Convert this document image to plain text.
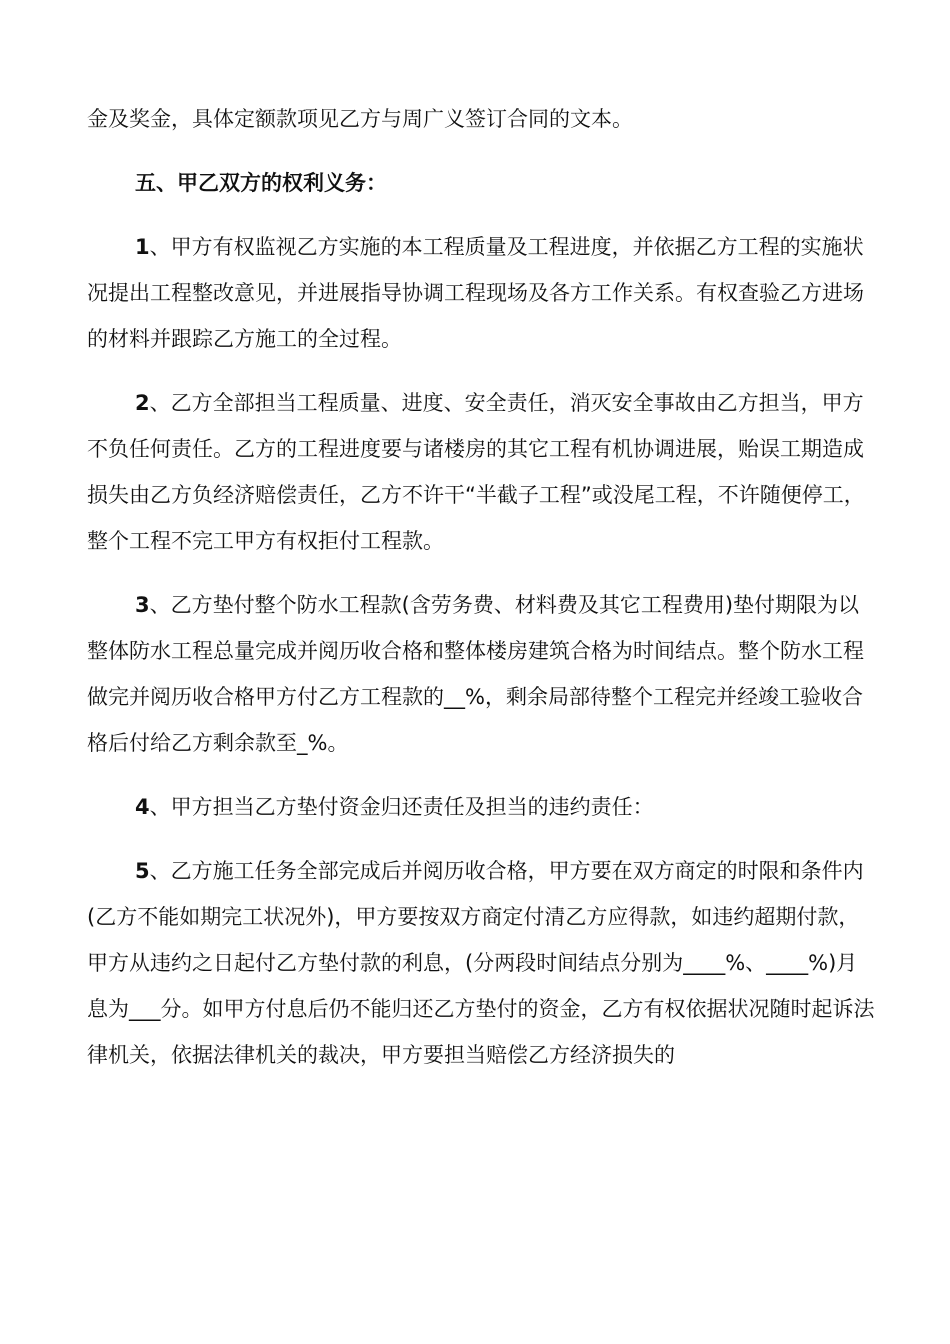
金及奖金，具体定额款项见乙方与周广义签订合同的文本。

五、甲乙双方的权利义务：

1、甲方有权监视乙方实施的本工程质量及工程进度，并依据乙方工程的实施状况提出工程整改意见，并进展指导协调工程现场及各方工作关系。有权查验乙方进场的材料并跟踪乙方施工的全过程。

2、乙方全部担当工程质量、进度、安全责任，消灭安全事故由乙方担当，甲方不负任何责任。乙方的工程进度要与诸楼房的其它工程有机协调进展，贻误工期造成损失由乙方负经济赔偿责任，乙方不许干“半截子工程”或没尾工程，不许随便停工，整个工程不完工甲方有权拒付工程款。

3、乙方垫付整个防水工程款(含劳务费、材料费及其它工程费用)垫付期限为以整体防水工程总量完成并阅历收合格和整体楼房建筑合格为时间结点。整个防水工程做完并阅历收合格甲方付乙方工程款的__%，剩余局部待整个工程完并经竣工验收合格后付给乙方剩余款至_%。

4、甲方担当乙方垫付资金归还责任及担当的违约责任：

5、乙方施工任务全部完成后并阅历收合格，甲方要在双方商定的时限和条件内(乙方不能如期完工状况外)，甲方要按双方商定付清乙方应得款，如违约超期付款，甲方从违约之日起付乙方垫付款的利息，(分两段时间结点分别为____%、____%)月息为___分。如甲方付息后仍不能归还乙方垫付的资金，乙方有权依据状况随时起诉法律机关，依据法律机关的裁决，甲方要担当赔偿乙方经济损失的
